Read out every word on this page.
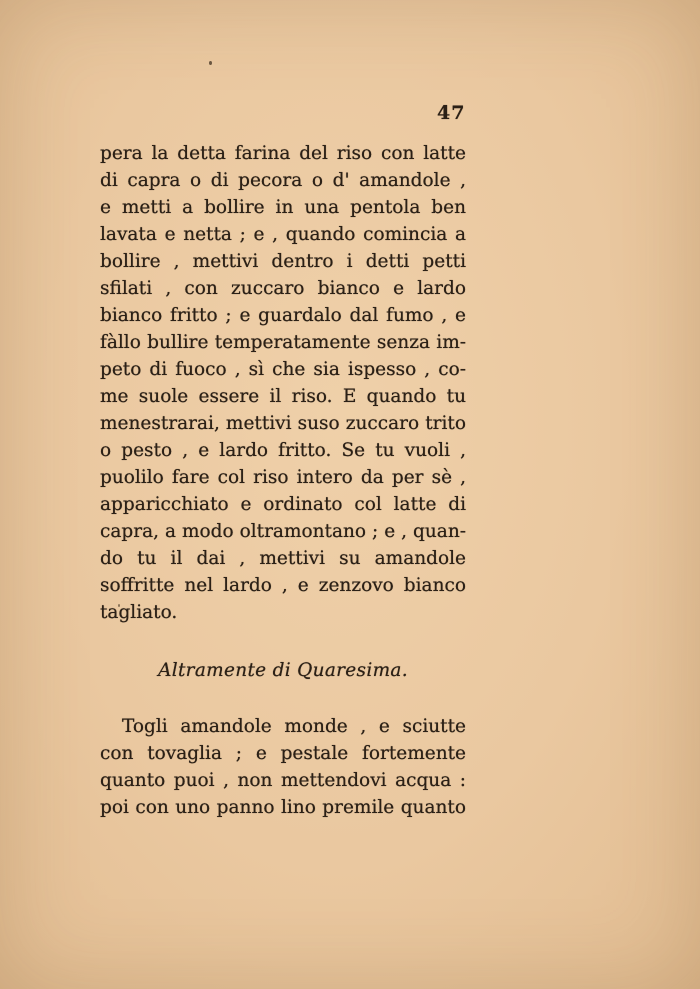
47
pera la detta farina del riso con latte
di capra o di pecora o d' amandole ,
e metti a bollire in una pentola ben
lavata e netta ; e , quando comincia a
bollire , mettivi dentro i detti petti
sfilati , con zuccaro bianco e lardo
bianco fritto ; e guardalo dal fumo , e
fàllo bullire temperatamente senza im-
peto di fuoco , sì che sia ispesso , co-
me suole essere il riso. E quando tu
menestrarai, mettivi suso zuccaro trito
o pesto , e lardo fritto. Se tu vuoli ,
puolilo fare col riso intero da per sè ,
apparicchiato e ordinato col latte di
capra, a modo oltramontano ; e , quan-
do tu il dai , mettivi su amandole
soffritte nel lardo , e zenzovo bianco
tagliato.
Altramente di Quaresima.
Togli amandole monde , e sciutte
con tovaglia ; e pestale fortemente
quanto puoi , non mettendovi acqua :
poi con uno panno lino premile quanto
